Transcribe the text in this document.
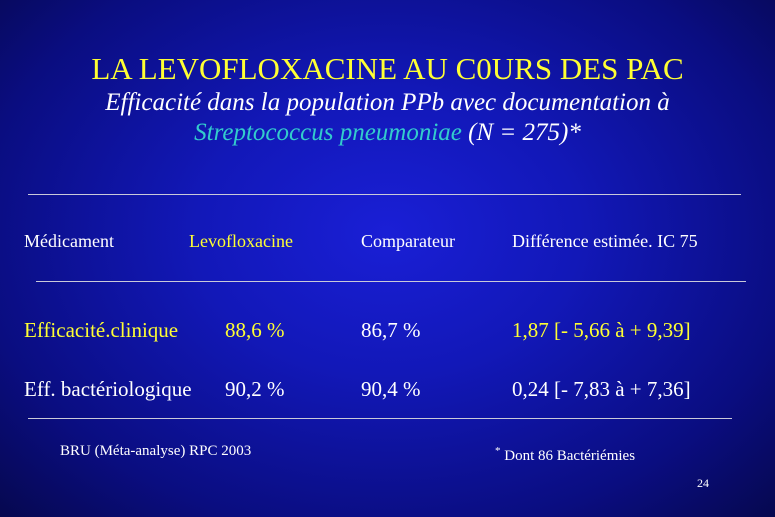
LA LEVOFLOXACINE AU C0URS DES PAC
Efficacité dans la population PPb avec documentation à
Streptococcus pneumoniae (N = 275)*
Médicament	Levofloxacine	Comparateur	Différence estimée. IC 75
Efficacité.clinique 88,6 %	86,7 %	1,87 [- 5,66 à + 9,39]
Eff. bactériologique 90,2 %	90,4 %	0,24 [- 7,83 à + 7,36]
BRU (Méta-analyse) RPC 2003	* Dont 86 Bactériémies
24
